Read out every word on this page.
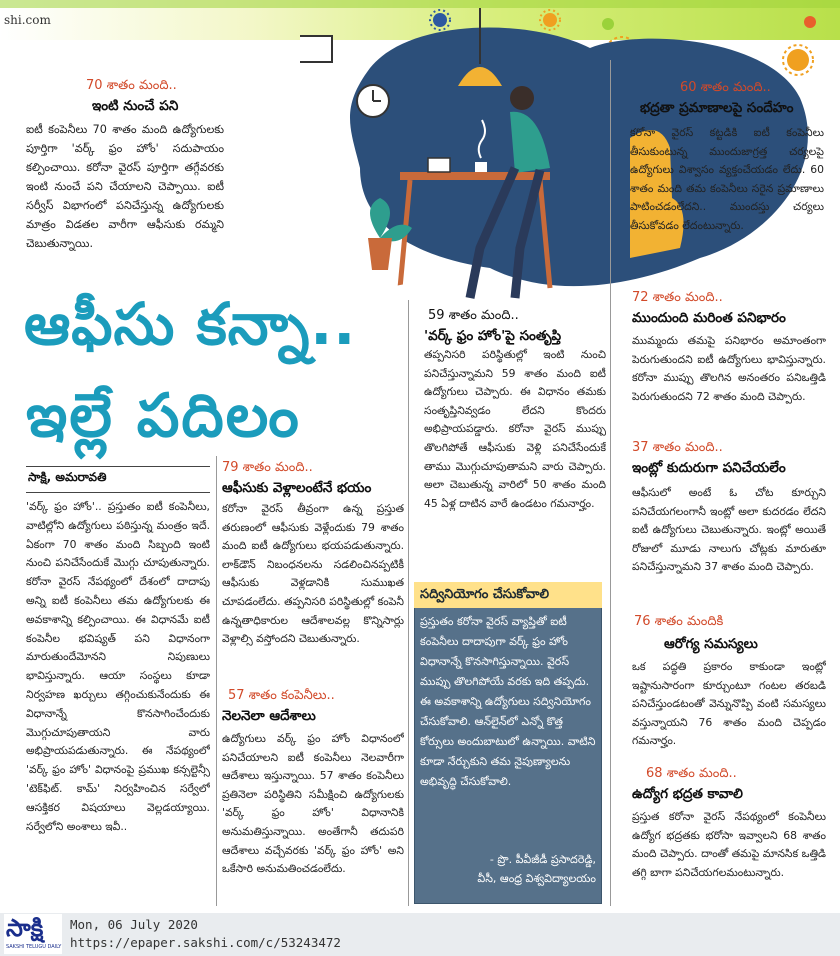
shi.com
70 శాతం మంది..
ఇంటి నుంచే పని
ఐటీ కంపెనీలు 70 శాతం మంది ఉద్యోగులకు పూర్తిగా 'వర్క్ ఫ్రం హోం' సదుపాయం కల్పించాయి. కరోనా వైరస్ పూర్తిగా తగ్గేవరకు ఇంటి నుంచే పని చేయాలని చెప్పాయి. ఐటీ సర్వీస్ విభాగంలో పనిచేస్తున్న ఉద్యోగులకు మాత్రం విడతల వారీగా ఆఫీసుకు రమ్మని చెబుతున్నాయి.
ఆఫీసు కన్నా..
ఇల్లే పదిలం
సాక్షి, అమరావతి
'వర్క్ ఫ్రం హోం'.. ప్రస్తుతం ఐటీ కంపెనీలు, వాటిల్లోని ఉద్యోగులు పఠిస్తున్న మంత్రం ఇదే. ఏకంగా 70 శాతం మంది సిబ్బంది ఇంటి నుంచి పనిచేసేందుకే మొగ్గు చూపుతున్నారు. కరోనా వైరస్ నేపథ్యంలో దేశంలో దాదాపు అన్ని ఐటీ కంపెనీలు తమ ఉద్యోగులకు ఈ అవకాశాన్ని కల్పించాయి. ఈ విధానమే ఐటీ కంపెనీల భవిష్యత్ పని విధానంగా మారుతుందేమోనని నిపుణులు భావిస్తున్నారు. ఆయా సంస్థలు కూడా నిర్వహణ ఖర్చులు తగ్గించుకునేందుకు ఈ విధానాన్నే కొనసాగించేందుకు మొగ్గుచూపుతాయని వారు అభిప్రాయపడుతున్నారు. ఈ నేపథ్యంలో 'వర్క్ ఫ్రం హోం' విధానంపై ప్రముఖ కన్సల్టెన్సీ 'టెక్‌ఫిట్. కామ్' నిర్వహించిన సర్వేలో ఆసక్తికర విషయాలు వెల్లడయ్యాయి. సర్వేలోని అంశాలు ఇవీ..
79 శాతం మంది..
ఆఫీసుకు వెళ్లాలంటేనే భయం
కరోనా వైరస్ తీవ్రంగా ఉన్న ప్రస్తుత తరుణంలో ఆఫీసుకు వెళ్లేందుకు 79 శాతం మంది ఐటీ ఉద్యోగులు భయపడుతున్నారు. లాక్‌డౌన్ నిబంధనలను సడలించినప్పటికీ ఆఫీసుకు వెళ్లడానికి సుముఖత చూపడంలేదు. తప్పనిసరి పరిస్థితుల్లో కంపెనీ ఉన్నతాధికారుల ఆదేశాలవల్ల కొన్నిసార్లు వెళ్లాల్సి వస్తోందని చెబుతున్నారు.
57 శాతం కంపెనీలు..
నెలనెలా ఆదేశాలు
ఉద్యోగులు వర్క్ ఫ్రం హోం విధానంలో పనిచేయాలని ఐటీ కంపెనీలు నెలవారీగా ఆదేశాలు ఇస్తున్నాయి. 57 శాతం కంపెనీలు ప్రతినెలా పరిస్థితిని సమీక్షించి ఉద్యోగులకు 'వర్క్ ఫ్రం హోం' విధానానికి అనుమతిస్తున్నాయి. అంతేగానీ తదుపరి ఆదేశాలు వచ్చేవరకు 'వర్క్ ఫ్రం హోం' అని ఒకేసారి అనుమతించడంలేదు.
59 శాతం మంది..
'వర్క్ ఫ్రం హోం'పై సంతృప్తి
తప్పనిసరి పరిస్థితుల్లో ఇంటి నుంచి పనిచేస్తున్నామని 59 శాతం మంది ఐటీ ఉద్యోగులు చెప్పారు. ఈ విధానం తమకు సంతృప్తినివ్వడం లేదని కొందరు అభిప్రాయపడ్డారు. కరోనా వైరస్ ముప్పు తొలగిపోతే ఆఫీసుకు వెళ్లి పనిచేసేందుకే తాము మొగ్గుచూపుతామని వారు చెప్పారు. అలా చెబుతున్న వారిలో 50 శాతం మంది 45 ఏళ్ల దాటిన వారే ఉండటం గమనార్హం.
సద్వినియోగం చేసుకోవాలి
ప్రస్తుతం కరోనా వైరస్ వ్యాప్తితో ఐటీ కంపెనీలు దాదాపుగా వర్క్ ఫ్రం హోం విధానాన్నే కొనసాగిస్తున్నాయి. వైరస్ ముప్పు తొలగిపోయే వరకు ఇది తప్పదు. ఈ అవకాశాన్ని ఉద్యోగులు సద్వినియోగం చేసుకోవాలి. ఆన్‌లైన్‌లో ఎన్నో కొత్త కోర్సులు అందుబాటులో ఉన్నాయి. వాటిని కూడా నేర్చుకుని తమ నైపుణ్యాలను అభివృద్ధి చేసుకోవాలి.
- ప్రొ. పీవీజీడీ ప్రసాదరెడ్డి,
వీసీ, ఆంధ్ర విశ్వవిద్యాలయం
60 శాతం మంది..
భద్రతా ప్రమాణాలపై సందేహం
కరోనా వైరస్ కట్టడికి ఐటీ కంపెనీలు తీసుకుంటున్న ముందుజాగ్రత్త చర్యలపై ఉద్యోగులు విశ్వాసం వ్యక్తంచేయడం లేదు. 60 శాతం మంది తమ కంపెనీలు సరైన ప్రమాణాలు పాటించడంలేదని.. ముందస్తు చర్యలు తీసుకోవడం లేదంటున్నారు.
72 శాతం మంది..
ముందుంది మరింత పనిభారం
ముమ్మందు తమపై పనిభారం అమాంతంగా పెరుగుతుందని ఐటీ ఉద్యోగులు భావిస్తున్నారు. కరోనా ముప్పు తొలగిన అనంతరం పనిఒత్తిడి పెరుగుతుందని 72 శాతం మంది చెప్పారు.
37 శాతం మంది..
ఇంట్లో కుదురుగా పనిచేయలేం
ఆఫీసులో అంటే ఓ చోట కూర్చుని పనిచేయగలంగానీ ఇంట్లో అలా కుదరడం లేదని ఐటీ ఉద్యోగులు చెబుతున్నారు. ఇంట్లో అయితే రోజులో మూడు నాలుగు చోట్లకు మారుతూ పనిచేస్తున్నామని 37 శాతం మంది చెప్పారు.
76 శాతం మందికి
ఆరోగ్య సమస్యలు
ఒక పద్ధతి ప్రకారం కాకుండా ఇంట్లో ఇష్టానుసారంగా కూర్చుంటూ గంటల తరబడి పనిచేస్తుండటంతో వెన్నునొప్పి వంటి సమస్యలు వస్తున్నాయని 76 శాతం మంది చెప్పడం గమనార్హం.
68 శాతం మంది..
ఉద్యోగ భద్రత కావాలి
ప్రస్తుత కరోనా వైరస్ నేపథ్యంలో కంపెనీలు ఉద్యోగ భద్రతకు భరోసా ఇవ్వాలని 68 శాతం మంది చెప్పారు. దాంతో తమపై మానసిక ఒత్తిడి తగ్గి బాగా పనిచేయగలమంటున్నారు.
సాక్షి
SAKSHI TELUGU DAILY
Mon, 06 July 2020
https://epaper.sakshi.com/c/53243472
